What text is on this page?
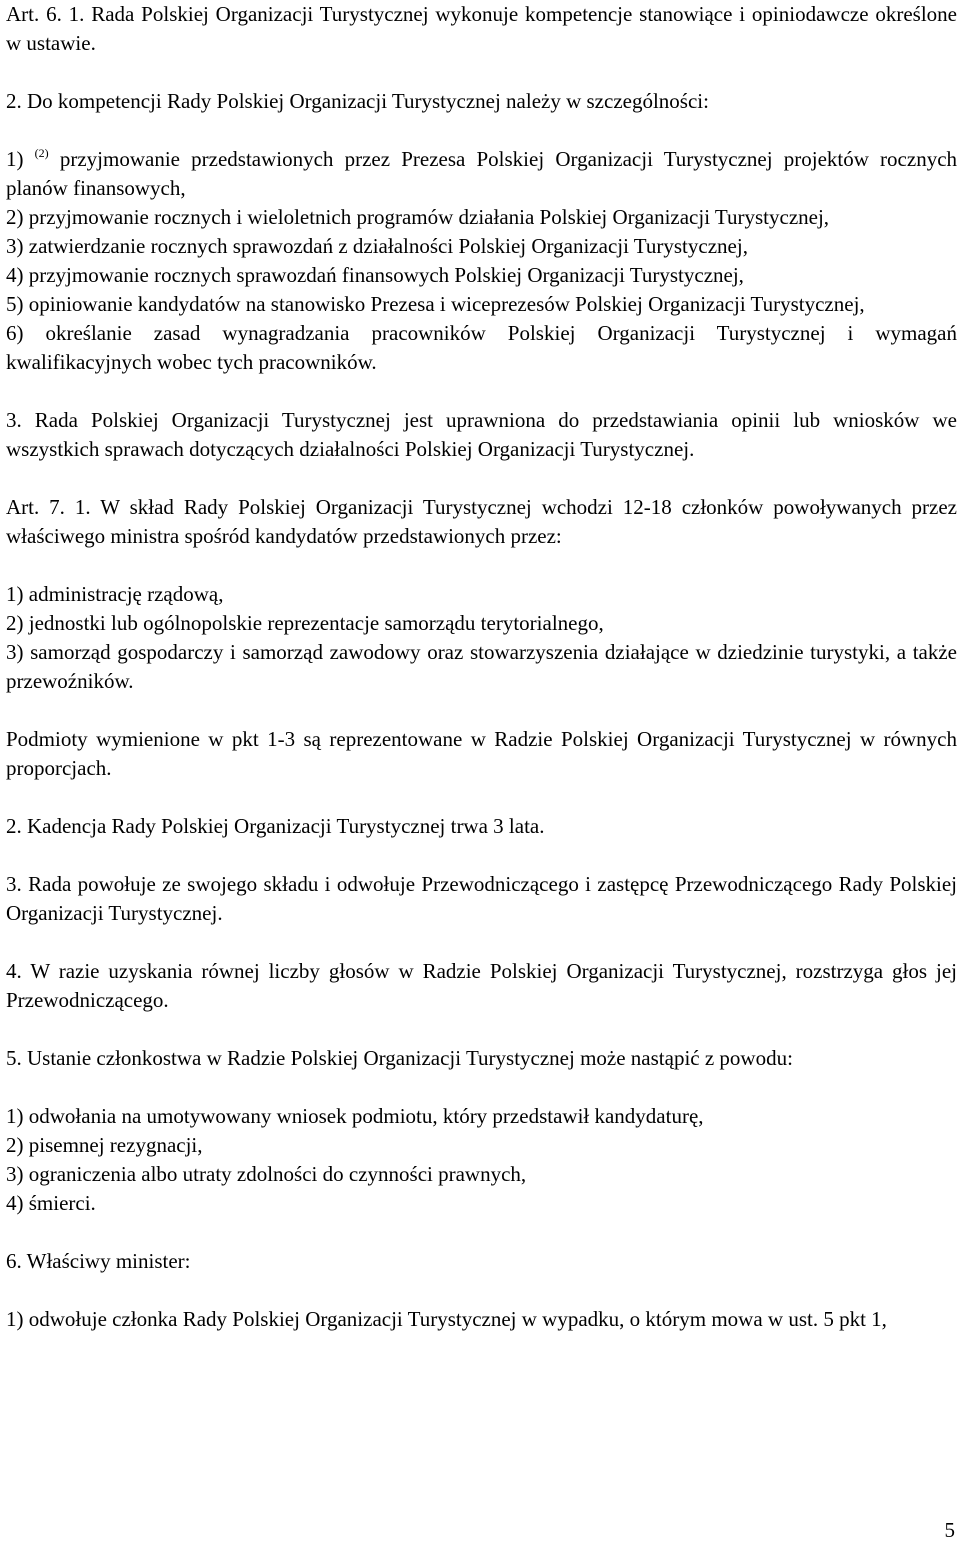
Art. 6. 1. Rada Polskiej Organizacji Turystycznej wykonuje kompetencje stanowiące i opiniodawcze określone w ustawie.

2. Do kompetencji Rady Polskiej Organizacji Turystycznej należy w szczególności:

1) $^{(2)}$ przyjmowanie przedstawionych przez Prezesa Polskiej Organizacji Turystycznej projektów rocznych planów finansowych,

2) przyjmowanie rocznych i wieloletnich programów działania Polskiej Organizacji Turystycznej,

3) zatwierdzanie rocznych sprawozdań z działalności Polskiej Organizacji Turystycznej,

4) przyjmowanie rocznych sprawozdań finansowych Polskiej Organizacji Turystycznej,

5) opiniowanie kandydatów na stanowisko Prezesa i wiceprezesów Polskiej Organizacji Turystycznej,

6) określanie zasad wynagradzania pracowników Polskiej Organizacji Turystycznej i wymagań kwalifikacyjnych wobec tych pracowników.

3. Rada Polskiej Organizacji Turystycznej jest uprawniona do przedstawiania opinii lub wniosków we wszystkich sprawach dotyczących działalności Polskiej Organizacji Turystycznej.

Art. 7. 1. W skład Rady Polskiej Organizacji Turystycznej wchodzi 12-18 członków powoływanych przez właściwego ministra spośród kandydatów przedstawionych przez:

1) administrację rządową,

2) jednostki lub ogólnopolskie reprezentacje samorządu terytorialnego,

3) samorząd gospodarczy i samorząd zawodowy oraz stowarzyszenia działające w dziedzinie turystyki, a także przewoźników.

Podmioty wymienione w pkt 1-3 są reprezentowane w Radzie Polskiej Organizacji Turystycznej w równych proporcjach.

2. Kadencja Rady Polskiej Organizacji Turystycznej trwa 3 lata.

3. Rada powołuje ze swojego składu i odwołuje Przewodniczącego i zastępcę Przewodniczącego Rady Polskiej Organizacji Turystycznej.

4. W razie uzyskania równej liczby głosów w Radzie Polskiej Organizacji Turystycznej, rozstrzyga głos jej Przewodniczącego.

5. Ustanie członkostwa w Radzie Polskiej Organizacji Turystycznej może nastąpić z powodu:

1) odwołania na umotywowany wniosek podmiotu, który przedstawił kandydaturę,

2) pisemnej rezygnacji,

3) ograniczenia albo utraty zdolności do czynności prawnych,

4) śmierci.

6. Właściwy minister:

1) odwołuje członka Rady Polskiej Organizacji Turystycznej w wypadku, o którym mowa w ust. 5 pkt 1,

5
